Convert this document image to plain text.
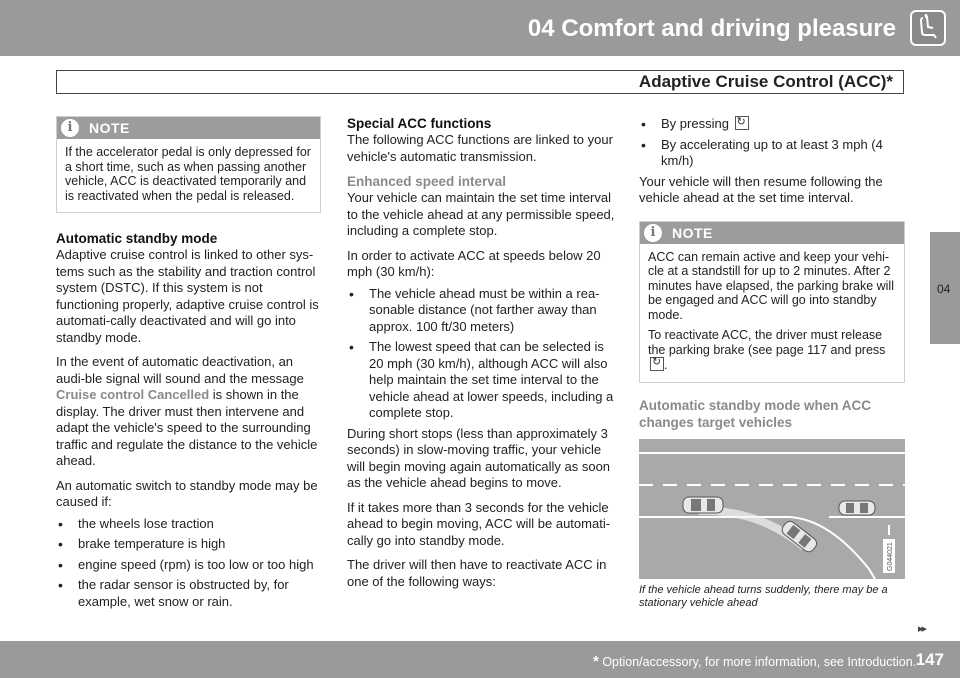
04 Comfort and driving pleasure
Adaptive Cruise Control (ACC)*
04
i	NOTE

If the accelerator pedal is only depressed for a short time, such as when passing another vehicle, ACC is deactivated temporarily and is reactivated when the pedal is released.

Automatic standby mode

Adaptive cruise control is linked to other sys-tems such as the stability and traction control system (DSTC). If this system is not functioning properly, adaptive cruise control is automati-cally deactivated and will go into standby mode.

In the event of automatic deactivation, an audi-ble signal will sound and the message Cruise control Cancelled is shown in the display. The driver must then intervene and adapt the vehicle's speed to the surrounding traffic and regulate the distance to the vehicle ahead.

An automatic switch to standby mode may be caused if:

• the wheels lose traction
• brake temperature is high
• engine speed (rpm) is too low or too high
• the radar sensor is obstructed by, for example, wet snow or rain.
Special ACC functions

The following ACC functions are linked to your vehicle's automatic transmission.

Enhanced speed interval

Your vehicle can maintain the set time interval to the vehicle ahead at any permissible speed, including a complete stop.

In order to activate ACC at speeds below 20 mph (30 km/h):

• The vehicle ahead must be within a rea-sonable distance (not farther away than approx. 100 ft/30 meters)
• The lowest speed that can be selected is 20 mph (30 km/h), although ACC will also help maintain the set time interval to the vehicle ahead at lower speeds, including a complete stop.

During short stops (less than approximately 3 seconds) in slow-moving traffic, your vehicle will begin moving again automatically as soon as the vehicle ahead begins to move.

If it takes more than 3 seconds for the vehicle ahead to begin moving, ACC will be automati-cally go into standby mode.

The driver will then have to reactivate ACC in one of the following ways:

• By pressing ↻
• By accelerating up to at least 3 mph (4 km/h)

Your vehicle will then resume following the vehicle ahead at the set time interval.

i	NOTE

ACC can remain active and keep your vehi-cle at a standstill for up to 2 minutes. After 2 minutes have elapsed, the parking brake will be engaged and ACC will go into standby mode.

To reactivate ACC, the driver must release the parking brake (see page 117 and press ↻.

Automatic standby mode when ACC changes target vehicles
G044021

If the vehicle ahead turns suddenly, there may be a stationary vehicle ahead

▸▸
* Option/accessory, for more information, see Introduction. 147
